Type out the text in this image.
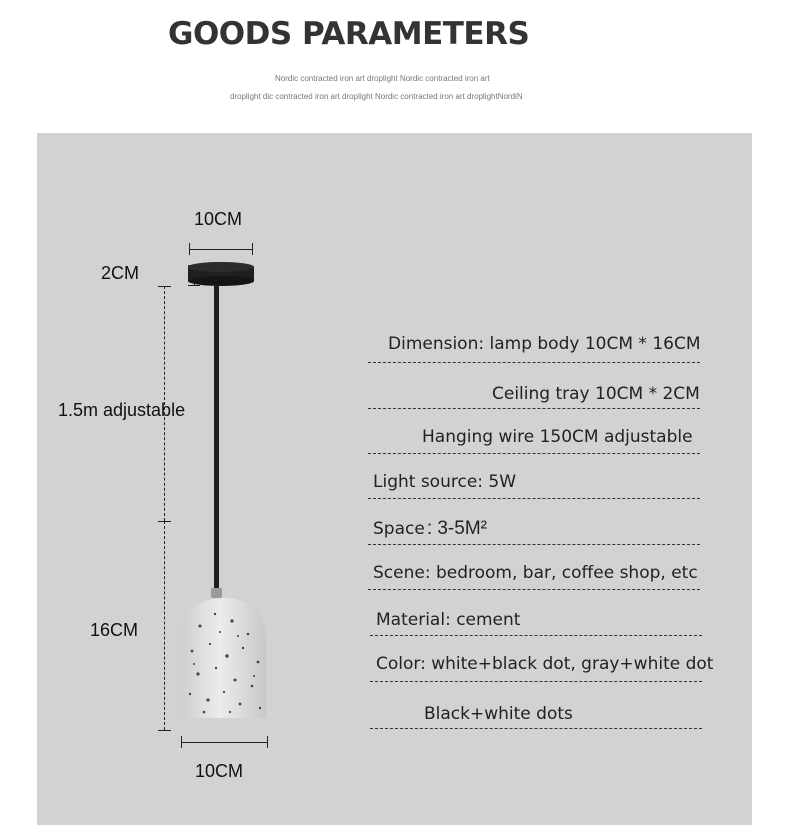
GOODS PARAMETERS
Nordic contracted iron art droplight Nordic contracted iron art
droplight dic contracted iron art droplight Nordic contracted iron art droplightNordiN
10CM
2CM
1.5m adjustable
16CM
10CM
Dimension: lamp body 10CM * 16CM
Ceiling tray 10CM * 2CM
Hanging wire 150CM adjustable
Light source: 5W
Space : 3-5M²
Scene: bedroom, bar, coffee shop, etc
Material: cement
Color: white+black dot, gray+white dot
Black+white dots
